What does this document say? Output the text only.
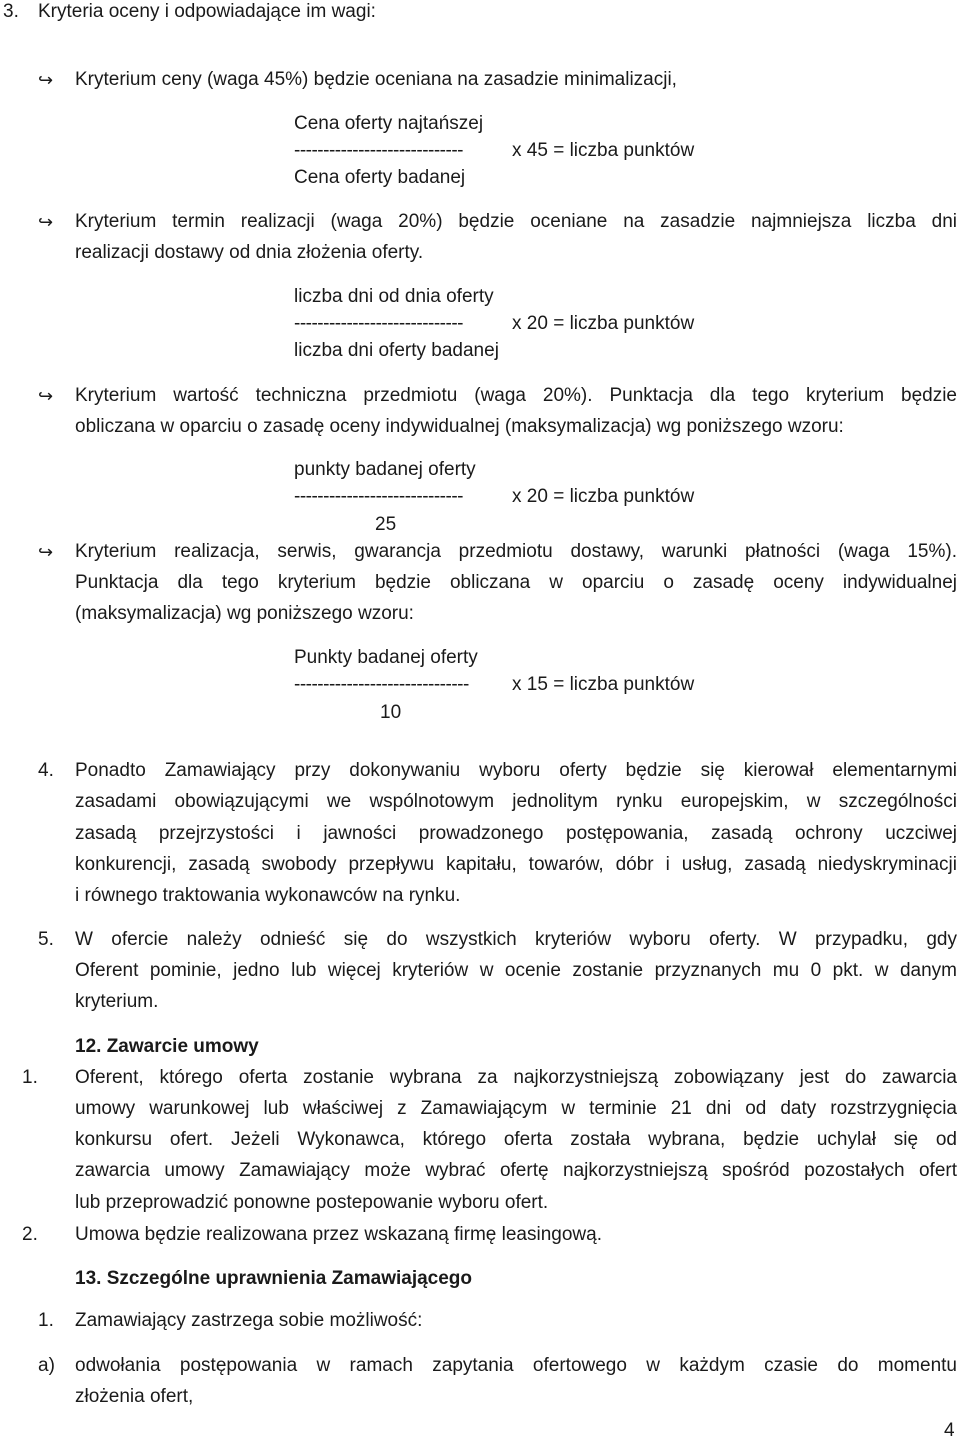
3. Kryteria oceny i odpowiadające im wagi:
↪ Kryterium ceny (waga 45%) będzie oceniana na zasadzie minimalizacji,
Cena oferty najtańszej
-----------------------------	x 45 = liczba punktów
Cena oferty badanej
↪ Kryterium termin realizacji (waga 20%) będzie oceniane na zasadzie najmniejsza liczba dni
realizacji dostawy od dnia złożenia oferty.
liczba dni od dnia oferty
-----------------------------	x 20 = liczba punktów
liczba dni oferty badanej
↪ Kryterium wartość techniczna przedmiotu (waga 20%). Punktacja dla tego kryterium będzie
obliczana w oparciu o zasadę oceny indywidualnej (maksymalizacja) wg poniższego wzoru:
punkty badanej oferty
-----------------------------	x 20 = liczba punktów
25
↪ Kryterium realizacja, serwis, gwarancja przedmiotu dostawy, warunki płatności (waga 15%).
Punktacja dla tego kryterium będzie obliczana w oparciu o zasadę oceny indywidualnej
(maksymalizacja) wg poniższego wzoru:
Punkty badanej oferty
------------------------------ x 15 = liczba punktów
10
4. Ponadto Zamawiający przy dokonywaniu wyboru oferty będzie się kierował elementarnymi
zasadami obowiązującymi we wspólnotowym jednolitym rynku europejskim, w szczególności
zasadą przejrzystości i jawności prowadzonego postępowania, zasadą ochrony uczciwej
konkurencji, zasadą swobody przepływu kapitału, towarów, dóbr i usług, zasadą niedyskryminacji
i równego traktowania wykonawców na rynku.
5. W ofercie należy odnieść się do wszystkich kryteriów wyboru oferty. W przypadku, gdy
Oferent pominie, jedno lub więcej kryteriów w ocenie zostanie przyznanych mu 0 pkt. w danym
kryterium.
12. Zawarcie umowy
1. Oferent, którego oferta zostanie wybrana za najkorzystniejszą zobowiązany jest do zawarcia
umowy warunkowej lub właściwej z Zamawiającym w terminie 21 dni od daty rozstrzygnięcia
konkursu ofert. Jeżeli Wykonawca, którego oferta została wybrana, będzie uchylał się od
zawarcia umowy Zamawiający może wybrać ofertę najkorzystniejszą spośród pozostałych ofert
lub przeprowadzić ponowne postepowanie wyboru ofert.
2. Umowa będzie realizowana przez wskazaną firmę leasingową.
13. Szczególne uprawnienia Zamawiającego
1. Zamawiający zastrzega sobie możliwość:
a) odwołania postępowania w ramach zapytania ofertowego w każdym czasie do momentu
złożenia ofert,
4
